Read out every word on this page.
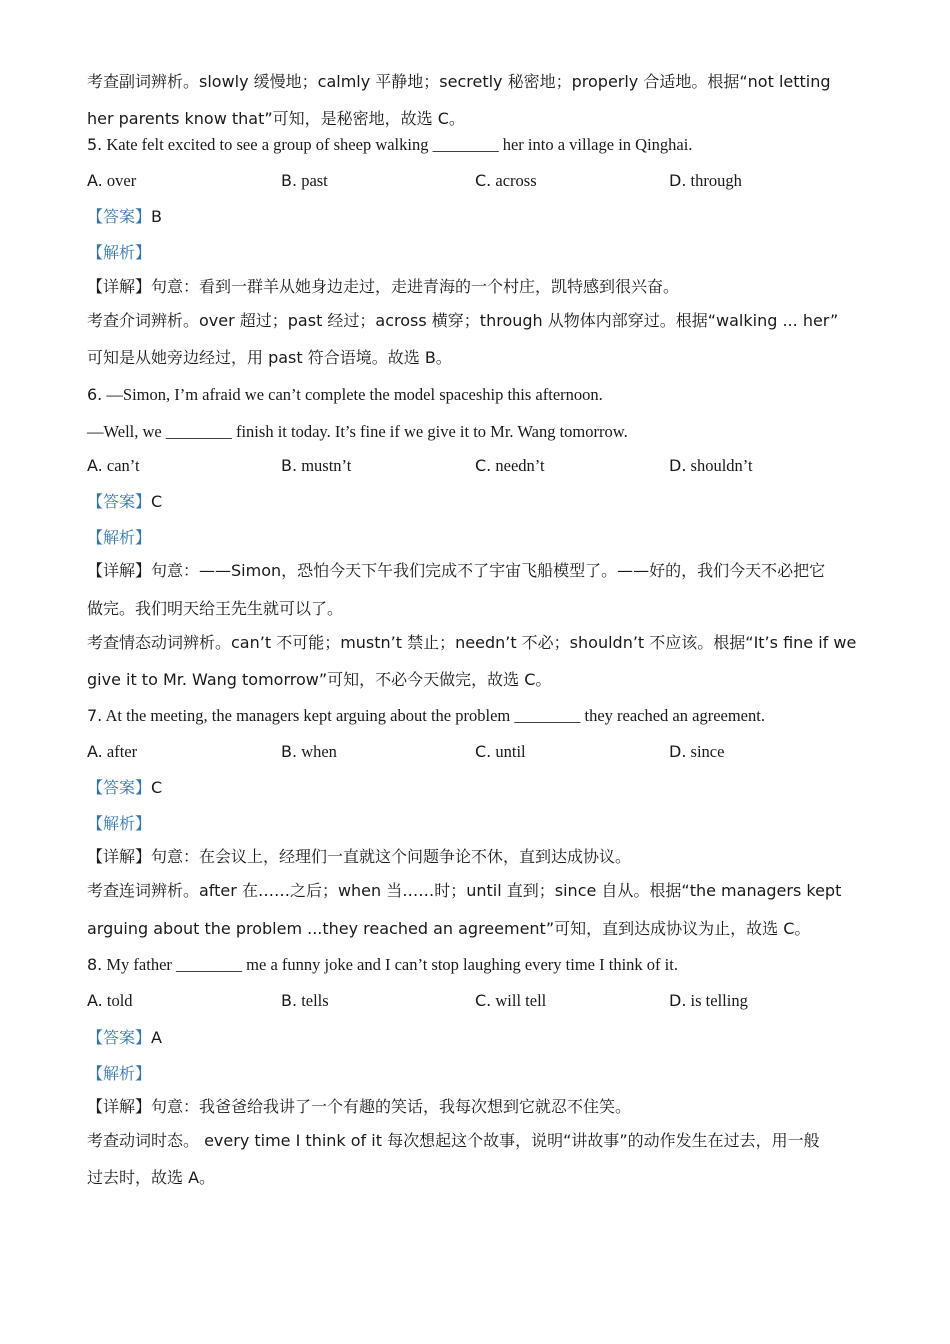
考查副词辨析。slowly 缓慢地；calmly 平静地；secretly 秘密地；properly 合适地。根据“not letting
her parents know that”可知，是秘密地，故选 C。
5. Kate felt excited to see a group of sheep walking ________ her into a village in Qinghai.
A. over	B. past	C. across	D. through
【答案】B
【解析】
【详解】句意：看到一群羊从她身边走过，走进青海的一个村庄，凯特感到很兴奋。
考查介词辨析。over 超过；past 经过；across 横穿；through 从物体内部穿过。根据“walking ... her”
可知是从她旁边经过，用 past 符合语境。故选 B。
6. —Simon, I’m afraid we can’t complete the model spaceship this afternoon.
—Well, we ________ finish it today. It’s fine if we give it to Mr. Wang tomorrow.
A. can’t	B. mustn’t	C. needn’t	D. shouldn’t
【答案】C
【解析】
【详解】句意：——Simon，恐怕今天下午我们完成不了宇宙飞船模型了。——好的，我们今天不必把它
做完。我们明天给王先生就可以了。
考查情态动词辨析。can’t 不可能；mustn’t 禁止；needn’t 不必；shouldn’t 不应该。根据“It’s fine if we
give it to Mr. Wang tomorrow”可知，不必今天做完，故选 C。
7. At the meeting, the managers kept arguing about the problem ________ they reached an agreement.
A. after	B. when	C. until	D. since
【答案】C
【解析】
【详解】句意：在会议上，经理们一直就这个问题争论不休，直到达成协议。
考查连词辨析。after 在……之后；when 当……时；until 直到；since 自从。根据“the managers kept
arguing about the problem ...they reached an agreement”可知，直到达成协议为止，故选 C。
8. My father ________ me a funny joke and I can’t stop laughing every time I think of it.
A. told	B. tells	C. will tell	D. is telling
【答案】A
【解析】
【详解】句意：我爸爸给我讲了一个有趣的笑话，我每次想到它就忍不住笑。
考查动词时态。 every time I think of it 每次想起这个故事，说明“讲故事”的动作发生在过去，用一般
过去时，故选 A。
